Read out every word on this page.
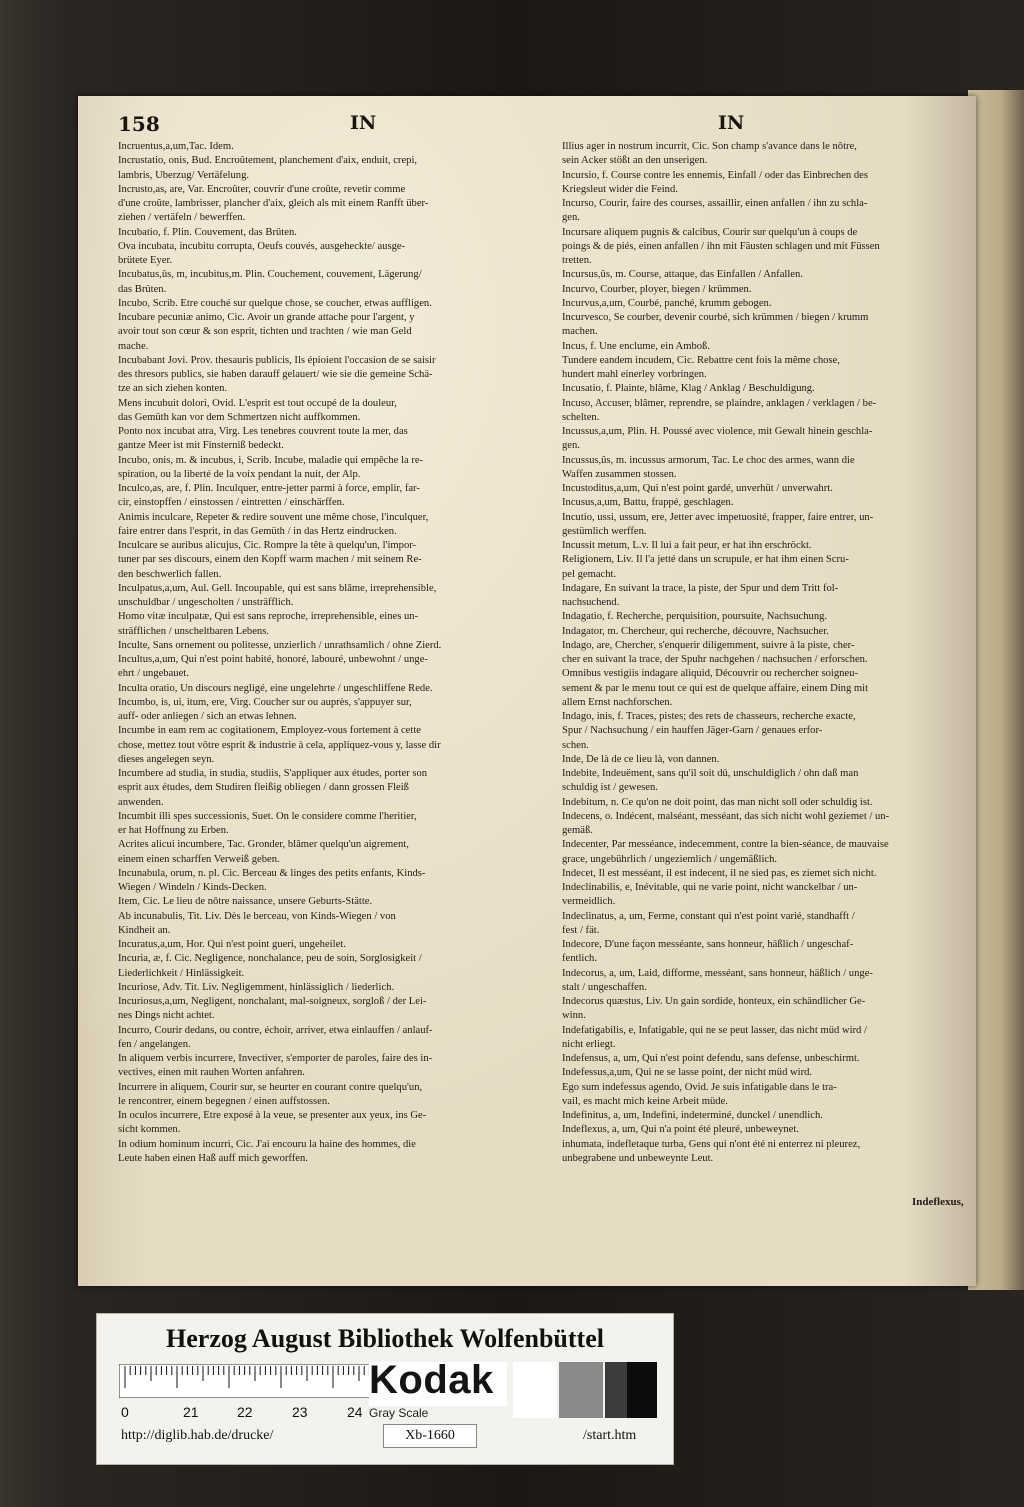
158	IN	IN
Incruentus,a,um,Tac. Idem.
Incrustatio, onis, Bud. Encroûtement, planchement d'aix, enduit, crepi,
lambris, Uberzug/ Vertäfelung.
Incrusto,as, are, Var. Encroûter, couvrir d'une croûte, revetir comme
d'une croûte, lambrisser, plancher d'aix, gleich als mit einem Ranfft über-
ziehen / vertäfeln / bewerffen.
Incubatio, f. Plin. Couvement, das Brüten.
Ova incubata, incubitu corrupta, Oeufs couvés, ausgeheckte/ ausge-
brütete Eyer.
Incubatus,ûs, m, incubitus,m. Plin. Couchement, couvement, Lägerung/
das Brüten.
Incubo, Scrib. Etre couché sur quelque chose, se coucher, etwas auffligen.
Incubare pecuniæ animo, Cic. Avoir un grande attache pour l'argent, y
avoir tout son cœur & son esprit, tichten und trachten / wie man Geld
mache.
Incubabant Jovi. Prov. thesauris publicis, Ils épioient l'occasion de se saisir
des thresors publics, sie haben darauff gelauert/ wie sie die gemeine Schä-
tze an sich ziehen konten.
Mens incubuit dolori, Ovid. L'esprit est tout occupé de la douleur,
das Gemüth kan vor dem Schmertzen nicht auffkommen.
Ponto nox incubat atra, Virg. Les tenebres couvrent toute la mer, das
gantze Meer ist mit Finsterniß bedeckt.
Incubo, onis, m. & incubus, i, Scrib. Incube, maladie qui empêche la re-
spiration, ou la liberté de la voix pendant la nuit, der Alp.
Inculco,as, are, f. Plin. Inculquer, entre-jetter parmi à force, emplir, far-
cir, einstopffen / einstossen / eintretten / einschärffen.
Animis inculcare, Repeter & redire souvent une même chose, l'inculquer,
faire entrer dans l'esprit, in das Gemüth / in das Hertz eindrucken.
Inculcare se auribus alicujus, Cic. Rompre la tête à quelqu'un, l'impor-
tuner par ses discours, einem den Kopff warm machen / mit seinem Re-
den beschwerlich fallen.
Inculpatus,a,um, Aul. Gell. Incoupable, qui est sans blâme, irreprehensible,
unschuldbar / ungescholten / unsträfflich.
Homo vitæ inculpatæ, Qui est sans reproche, irreprehensible, eines un-
sträfflichen / unscheltbaren Lebens.
Inculte, Sans ornement ou politesse, unzierlich / unrathsamlich / ohne Zierd.
Incultus,a,um, Qui n'est point habité, honoré, labouré, unbewohnt / unge-
ehrt / ungebauet.
Inculta oratio, Un discours negligé, eine ungelehrte / ungeschliffene Rede.
Incumbo, is, ui, itum, ere, Virg. Coucher sur ou auprès, s'appuyer sur,
auff- oder anliegen / sich an etwas lehnen.
Incumbe in eam rem ac cogitationem, Employez-vous fortement à cette
chose, mettez tout vôtre esprit & industrie à cela, appliquez-vous y, lasse dir
dieses angelegen seyn.
Incumbere ad studia, in studia, studiis, S'appliquer aux études, porter son
esprit aux études, dem Studiren fleißig obliegen / dann grossen Fleiß
anwenden.
Incumbit illi spes successionis, Suet. On le considere comme l'heritier,
er hat Hoffnung zu Erben.
Acrites alicui incumbere, Tac. Gronder, blâmer quelqu'un aigrement,
einem einen scharffen Verweiß geben.
Incunabula, orum, n. pl. Cic. Berceau & linges des petits enfants, Kinds-
Wiegen / Windeln / Kinds-Decken.
Item, Cic. Le lieu de nôtre naissance, unsere Geburts-Stätte.
Ab incunabulis, Tit. Liv. Dès le berceau, von Kinds-Wiegen / von
Kindheit an.
Incuratus,a,um, Hor. Qui n'est point gueri, ungeheilet.
Incuria, æ, f. Cic. Negligence, nonchalance, peu de soin, Sorglosigkeit /
Liederlichkeit / Hinlässigkeit.
Incuriose, Adv. Tit. Liv. Negligemment, hinlässiglich / liederlich.
Incuriosus,a,um, Negligent, nonchalant, mal-soigneux, sorgloß / der Lei-
nes Dings nicht achtet.
Incurro, Courir dedans, ou contre, échoir, arriver, etwa einlauffen / anlauf-
fen / angelangen.
In aliquem verbis incurrere, Invectiver, s'emporter de paroles, faire des in-
vectives, einen mit rauhen Worten anfahren.
Incurrere in aliquem, Courir sur, se heurter en courant contre quelqu'un,
le rencontrer, einem begegnen / einen auffstossen.
In oculos incurrere, Etre exposé à la veue, se presenter aux yeux, ins Ge-
sicht kommen.
In odium hominum incurri, Cic. J'ai encouru la haine des hommes, die
Leute haben einen Haß auff mich geworffen.
Illius ager in nostrum incurrit, Cic. Son champ s'avance dans le nôtre,
sein Acker stößt an den unserigen.
Incursio, f. Course contre les ennemis, Einfall / oder das Einbrechen des
Kriegsleut wider die Feind.
Incurso, Courir, faire des courses, assaillir, einen anfallen / ihn zu schla-
gen.
Incursare aliquem pugnis & calcibus, Courir sur quelqu'un à coups de
poings & de piés, einen anfallen / ihn mit Fäusten schlagen und mit Füssen
tretten.
Incursus,ûs, m. Course, attaque, das Einfallen / Anfallen.
Incurvo, Courber, ployer, biegen / krümmen.
Incurvus,a,um, Courbé, panché, krumm gebogen.
Incurvesco, Se courber, devenir courbé, sich krümmen / biegen / krumm
machen.
Incus, f. Une enclume, ein Amboß.
Tundere eandem incudem, Cic. Rebattre cent fois la même chose,
hundert mahl einerley vorbringen.
Incusatio, f. Plainte, blâme, Klag / Anklag / Beschuldigung.
Incuso, Accuser, blâmer, reprendre, se plaindre, anklagen / verklagen / be-
schelten.
Incussus,a,um, Plin. H. Poussé avec violence, mit Gewalt hinein geschla-
gen.
Incussus,ûs, m. incussus armorum, Tac. Le choc des armes, wann die
Waffen zusammen stossen.
Incustoditus,a,um, Qui n'est point gardé, unverhüt / unverwahrt.
Incusus,a,um, Battu, frappé, geschlagen.
Incutio, ussi, ussum, ere, Jetter avec impetuosité, frapper, faire entrer, un-
gestümlich werffen.
Incussit metum, L.v. Il lui a fait peur, er hat ihn erschröckt.
Religionem, Liv. Il l'a jetté dans un scrupule, er hat ihm einen Scru-
pel gemacht.
Indagare, En suivant la trace, la piste, der Spur und dem Tritt fol-
nachsuchend.
Indagatio, f. Recherche, perquisition, poursuite, Nachsuchung.
Indagator, m. Chercheur, qui recherche, découvre, Nachsucher.
Indago, are, Chercher, s'enquerir diligemment, suivre à la piste, cher-
cher en suivant la trace, der Spuhr nachgehen / nachsuchen / erforschen.
Omnibus vestigiis indagare aliquid, Découvrir ou rechercher soigneu-
sement & par le menu tout ce qui est de quelque affaire, einem Ding mit
allem Ernst nachforschen.
Indago, inis, f. Traces, pistes; des rets de chasseurs, recherche exacte,
Spur / Nachsuchung / ein hauffen Jäger-Garn / genaues erfor-
schen.
Inde, De là de ce lieu là, von dannen.
Indebite, Indeuëment, sans qu'il soit dû, unschuldiglich / ohn daß man
schuldig ist / gewesen.
Indebitum, n. Ce qu'on ne doit point, das man nicht soll oder schuldig ist.
Indecens, o. Indécent, malséant, messéant, das sich nicht wohl geziemet / un-
gemäß.
Indecenter, Par messéance, indecemment, contre la bien-séance, de mauvaise
grace, ungebührlich / ungeziemlich / ungemäßlich.
Indecet, Il est messéant, il est indecent, il ne sied pas, es ziemet sich nicht.
Indeclinabilis, e, Inévitable, qui ne varie point, nicht wanckelbar / un-
vermeidlich.
Indeclinatus, a, um, Ferme, constant qui n'est point varié, standhafft /
fest / fät.
Indecore, D'une façon messéante, sans honneur, häßlich / ungeschaf-
fentlich.
Indecorus, a, um, Laid, difforme, messéant, sans honneur, häßlich / unge-
stalt / ungeschaffen.
Indecorus quæstus, Liv. Un gain sordide, honteux, ein schändlicher Ge-
winn.
Indefatigabilis, e, Infatigable, qui ne se peut lasser, das nicht müd wird /
nicht erliegt.
Indefensus, a, um, Qui n'est point defendu, sans defense, unbeschirmt.
Indefessus,a,um, Qui ne se lasse point, der nicht müd wird.
Ego sum indefessus agendo, Ovid. Je suis infatigable dans le tra-
vail, es macht mich keine Arbeit müde.
Indefinitus, a, um, Indefini, indeterminé, dunckel / unendlich.
Indeflexus, a, um, Qui n'a point été pleuré, unbeweynet.
inhumata, indefletaque turba, Gens qui n'ont été ni enterrez ni pleurez,
unbegrabene und unbeweynte Leut.
Indeflexus,
Herzog August Bibliothek Wolfenbüttel
0	21	22	23	24
Kodak
Gray Scale
http://diglib.hab.de/drucke/	Xb-1660	/start.htm
